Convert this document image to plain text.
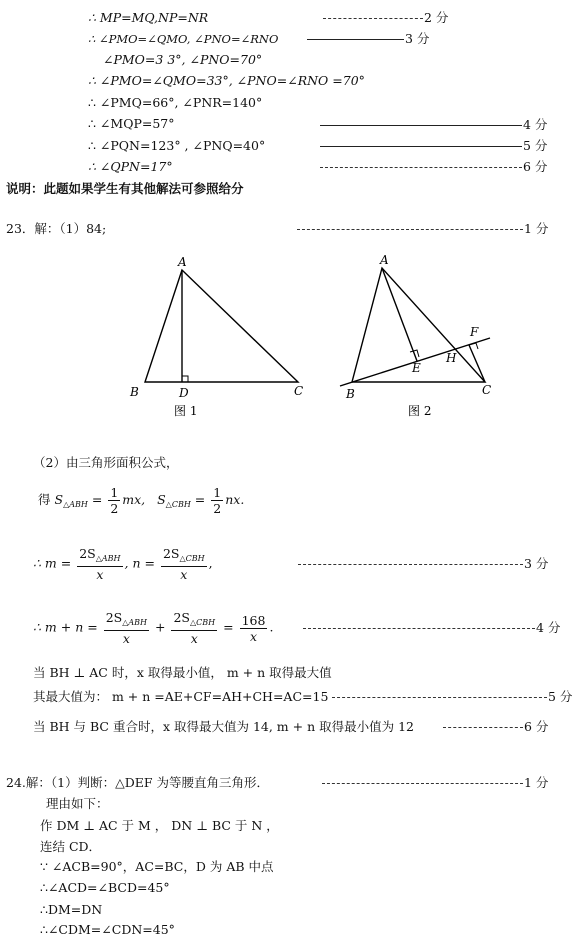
∴ MP=MQ,NP=NR	2 分
∴ ∠PMO=∠QMO, ∠PNO=∠RNO	3 分
∠PMO=3 3°, ∠PNO=70°
∴ ∠PMO=∠QMO=33°, ∠PNO=∠RNO =70°
∴ ∠PMQ=66°, ∠PNR=140°
∴ ∠MQP=57°	4 分
∴ ∠PQN=123° , ∠PNQ=40°	5 分
∴ ∠QPN=17°	6 分
说明：此题如果学生有其他解法可参照给分
23．解：（1）84;	1 分
A
B	D	C
图 1
A
B
E
H
F
C
图 2
（2）由三角形面积公式，
得 $S_{\triangle ABH} = \frac{1}{2}$ mx, $S_{\triangle CBH} = \frac{1}{2}$ nx.
∴ $m = \frac{2S_{\triangle ABH}}{x}$ , $n = \frac{2S_{\triangle CBH}}{x}$ ,	3 分
∴ $m + n = \frac{2S_{\triangle ABH}}{x} + \frac{2S_{\triangle CBH}}{x} = \frac{168}{x}$ .	4 分
当 BH ⊥ AC 时，x 取得最小值， m + n 取得最大值
其最大值为： m + n =AE+CF=AH+CH=AC=15	5 分
当 BH 与 BC 重合时，x 取得最大值为 14, m + n 取得最小值为 12	6 分
24.解：（1）判断：△DEF 为等腰直角三角形．	1 分
理由如下：
作 DM ⊥ AC 于 M ， DN ⊥ BC 于 N ，
连结 CD．
∵ ∠ACB=90°，AC=BC，D 为 AB 中点
∴∠ACD=∠BCD=45°
∴DM=DN
∴∠CDM=∠CDN=45°
